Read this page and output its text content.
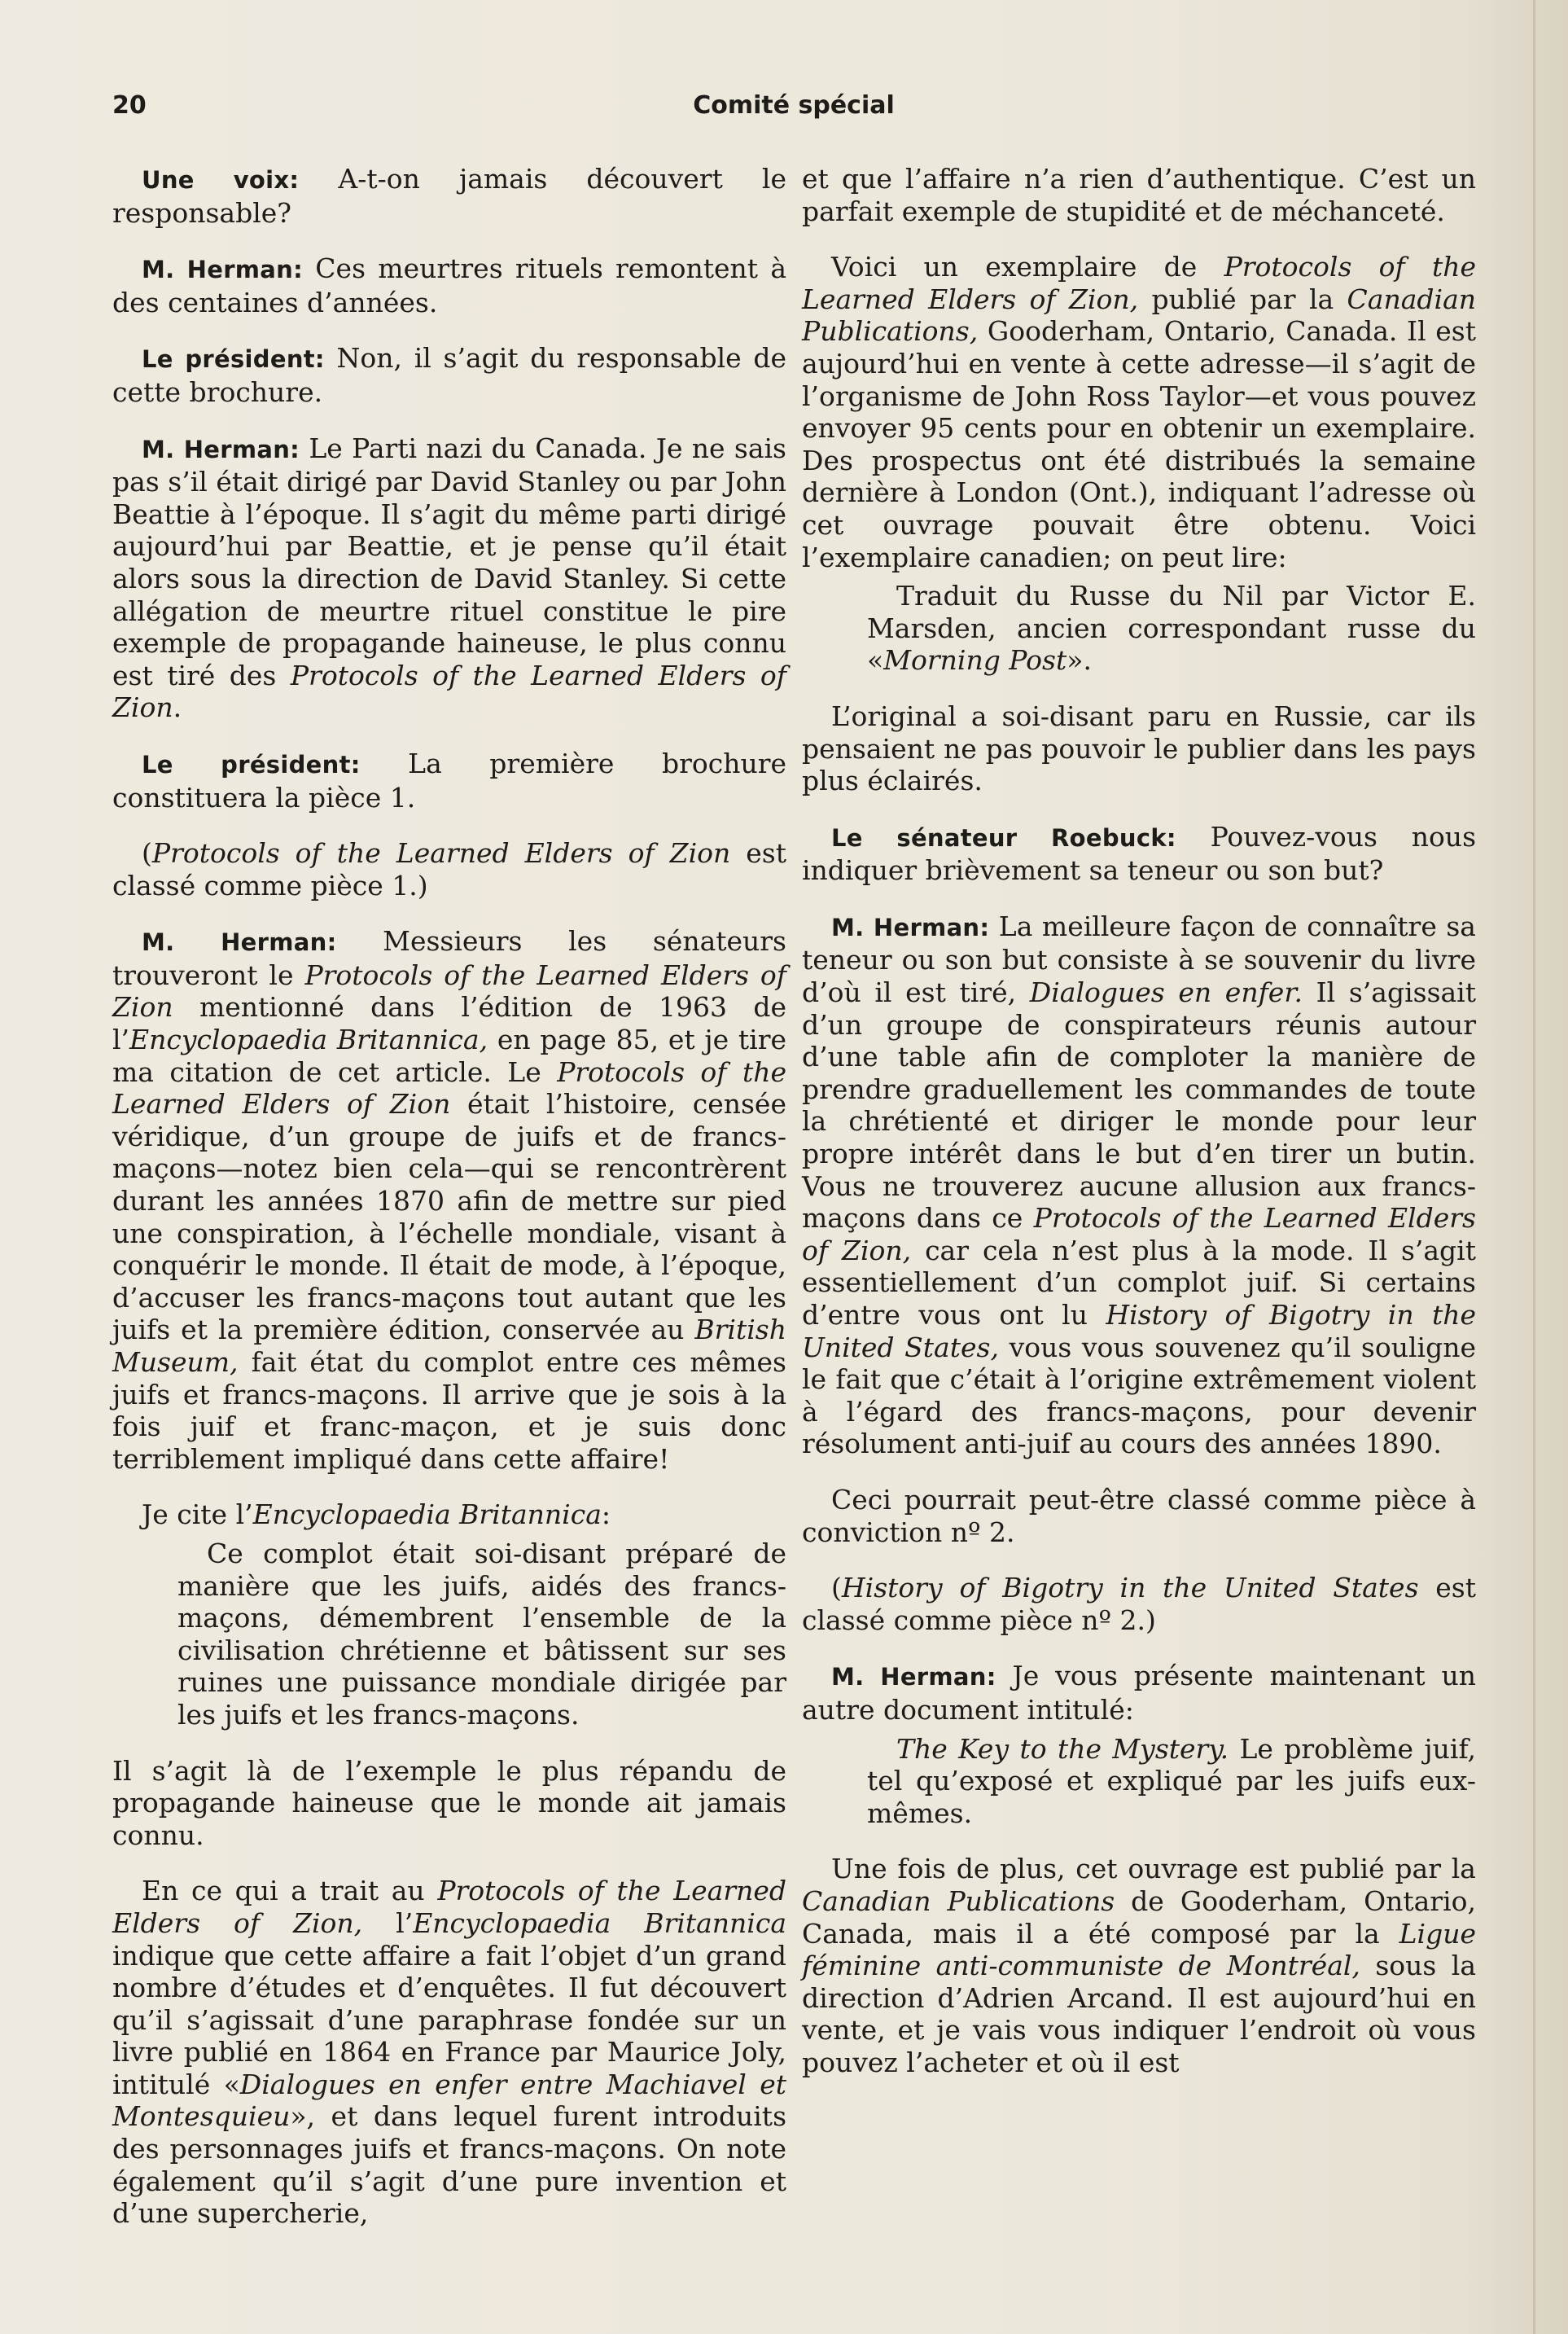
20	Comité spécial

Une voix: A-t-on jamais découvert le responsable?

M. Herman: Ces meurtres rituels remontent à des centaines d’années.

Le président: Non, il s’agit du responsable de cette brochure.

M. Herman: Le Parti nazi du Canada. Je ne sais pas s’il était dirigé par David Stanley ou par John Beattie à l’époque. Il s’agit du même parti dirigé aujourd’hui par Beattie, et je pense qu’il était alors sous la direction de David Stanley. Si cette allégation de meurtre rituel constitue le pire exemple de propagande haineuse, le plus connu est tiré des Protocols of the Learned Elders of Zion.

Le président: La première brochure constituera la pièce 1.

(Protocols of the Learned Elders of Zion est classé comme pièce 1.)

M. Herman: Messieurs les sénateurs trouveront le Protocols of the Learned Elders of Zion mentionné dans l’édition de 1963 de l’Encyclopaedia Britannica, en page 85, et je tire ma citation de cet article. Le Protocols of the Learned Elders of Zion était l’histoire, censée véridique, d’un groupe de juifs et de francs-maçons—notez bien cela—qui se rencontrèrent durant les années 1870 afin de mettre sur pied une conspiration, à l’échelle mondiale, visant à conquérir le monde. Il était de mode, à l’époque, d’accuser les francs-maçons tout autant que les juifs et la première édition, conservée au British Museum, fait état du complot entre ces mêmes juifs et francs-maçons. Il arrive que je sois à la fois juif et franc-maçon, et je suis donc terriblement impliqué dans cette affaire!

Je cite l’Encyclopaedia Britannica:

Ce complot était soi-disant préparé de manière que les juifs, aidés des francs-maçons, démembrent l’ensemble de la civilisation chrétienne et bâtissent sur ses ruines une puissance mondiale dirigée par les juifs et les francs-maçons.

Il s’agit là de l’exemple le plus répandu de propagande haineuse que le monde ait jamais connu.

En ce qui a trait au Protocols of the Learned Elders of Zion, l’Encyclopaedia Britannica indique que cette affaire a fait l’objet d’un grand nombre d’études et d’enquêtes. Il fut découvert qu’il s’agissait d’une paraphrase fondée sur un livre publié en 1864 en France par Maurice Joly, intitulé «Dialogues en enfer entre Machiavel et Montesquieu», et dans lequel furent introduits des personnages juifs et francs-maçons. On note également qu’il s’agit d’une pure invention et d’une supercherie,

et que l’affaire n’a rien d’authentique. C’est un parfait exemple de stupidité et de méchanceté.

Voici un exemplaire de Protocols of the Learned Elders of Zion, publié par la Canadian Publications, Gooderham, Ontario, Canada. Il est aujourd’hui en vente à cette adresse—il s’agit de l’organisme de John Ross Taylor—et vous pouvez envoyer 95 cents pour en obtenir un exemplaire. Des prospectus ont été distribués la semaine dernière à London (Ont.), indiquant l’adresse où cet ouvrage pouvait être obtenu. Voici l’exemplaire canadien; on peut lire:

Traduit du Russe du Nil par Victor E. Marsden, ancien correspondant russe du «Morning Post».

L’original a soi-disant paru en Russie, car ils pensaient ne pas pouvoir le publier dans les pays plus éclairés.

Le sénateur Roebuck: Pouvez-vous nous indiquer brièvement sa teneur ou son but?

M. Herman: La meilleure façon de connaître sa teneur ou son but consiste à se souvenir du livre d’où il est tiré, Dialogues en enfer. Il s’agissait d’un groupe de conspirateurs réunis autour d’une table afin de comploter la manière de prendre graduellement les commandes de toute la chrétienté et diriger le monde pour leur propre intérêt dans le but d’en tirer un butin. Vous ne trouverez aucune allusion aux francs-maçons dans ce Protocols of the Learned Elders of Zion, car cela n’est plus à la mode. Il s’agit essentiellement d’un complot juif. Si certains d’entre vous ont lu History of Bigotry in the United States, vous vous souvenez qu’il souligne le fait que c’était à l’origine extrêmement violent à l’égard des francs-maçons, pour devenir résolument anti-juif au cours des années 1890.

Ceci pourrait peut-être classé comme pièce à conviction nº 2.

(History of Bigotry in the United States est classé comme pièce nº 2.)

M. Herman: Je vous présente maintenant un autre document intitulé:

The Key to the Mystery. Le problème juif, tel qu’exposé et expliqué par les juifs eux-mêmes.

Une fois de plus, cet ouvrage est publié par la Canadian Publications de Gooderham, Ontario, Canada, mais il a été composé par la Ligue féminine anti-communiste de Montréal, sous la direction d’Adrien Arcand. Il est aujourd’hui en vente, et je vais vous indiquer l’endroit où vous pouvez l’acheter et où il est
